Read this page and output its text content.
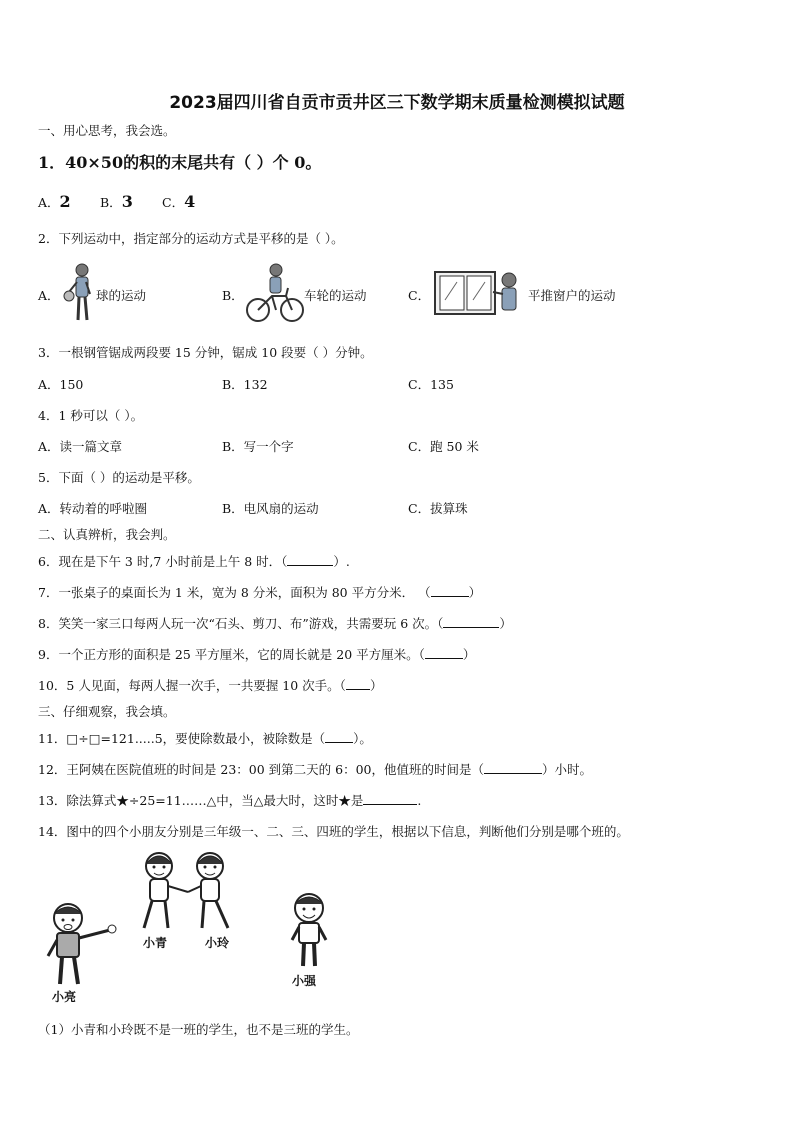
2023届四川省自贡市贡井区三下数学期末质量检测模拟试题
一、用心思考，我会选。
1．40×50的积的末尾共有（ ）个 0。
A．2 B．3 C．4
2．下列运动中，指定部分的运动方式是平移的是（ ）。
A．	球的运动	B．	车轮的运动	C．	平推窗户的运动
3．一根钢管锯成两段要 15 分钟，锯成 10 段要（ ）分钟。
A．150	B．132	C．135
4．1 秒可以（ ）。
A．读一篇文章	B．写一个字	C．跑 50 米
5．下面（ ）的运动是平移。
A．转动着的呼啦圈	B．电风扇的运动	C．拔算珠
二、认真辨析，我会判。
6．现在是下午 3 时,7 小时前是上午 8 时．（	）.
7．一张桌子的桌面长为 1 米，宽为 8 分米，面积为 80 平方分米． （	）
8．笑笑一家三口每两人玩一次“石头、剪刀、布”游戏，共需要玩 6 次。（	）
9．一个正方形的面积是 25 平方厘米，它的周长就是 20 平方厘米。（	）
10．5 人见面，每两人握一次手，一共要握 10 次手。（ ）
三、仔细观察，我会填。
11．□÷□=121.....5，要使除数最小，被除数是（ ）。
12．王阿姨在医院值班的时间是 23：00 到第二天的 6：00，他值班的时间是（	）小时。
13．除法算式★÷25=11……△中，当△最大时，这时★是	.
14．图中的四个小朋友分别是三年级一、二、三、四班的学生，根据以下信息，判断他们分别是哪个班的。
小青	小玲
小亮
小强
（1）小青和小玲既不是一班的学生，也不是三班的学生。
